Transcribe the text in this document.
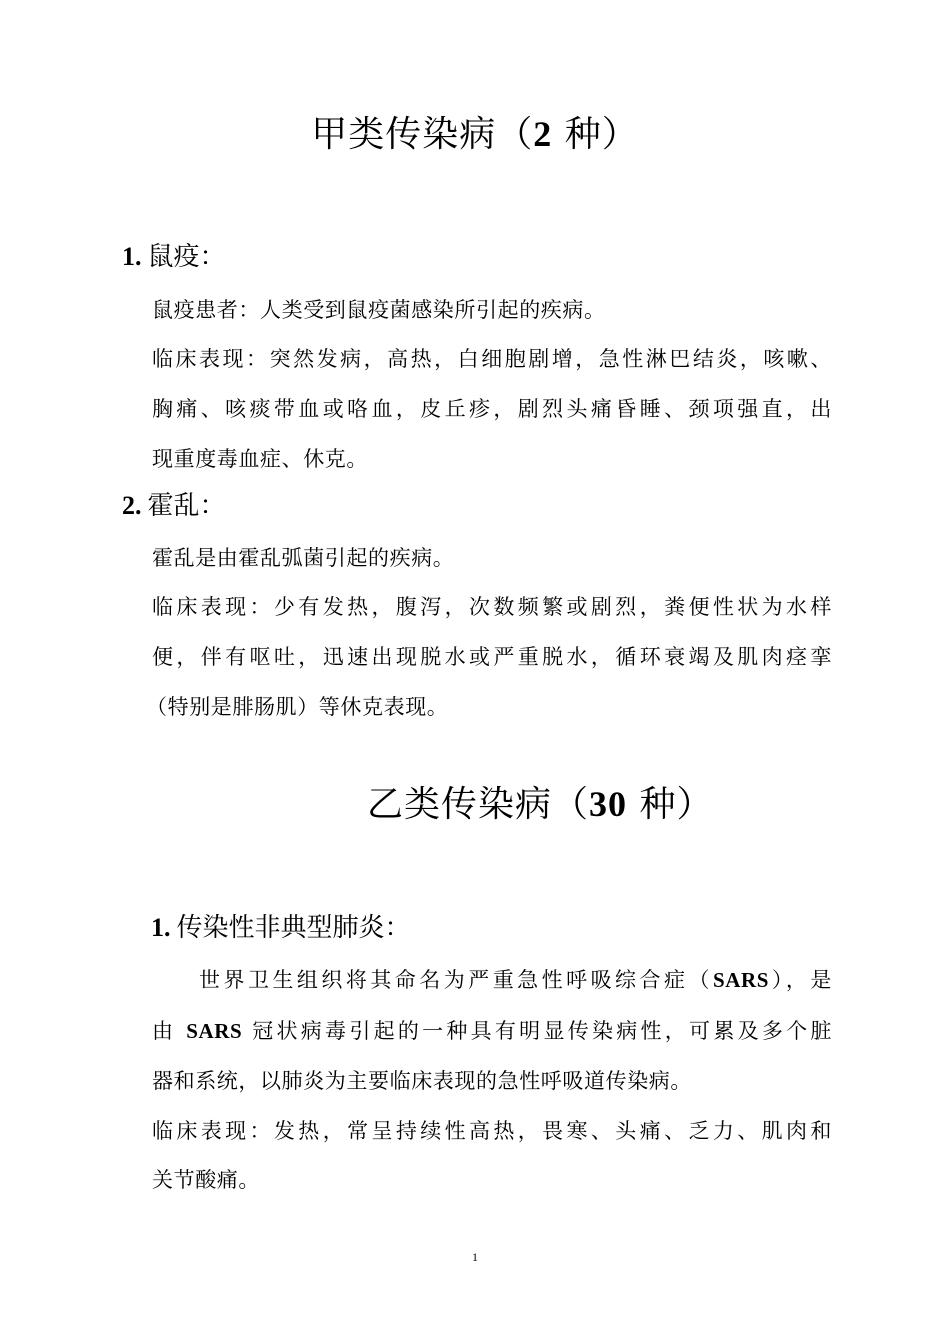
甲类传染病（2 种）
1. 鼠疫：
鼠疫患者：人类受到鼠疫菌感染所引起的疾病。
临床表现：突然发病，高热，白细胞剧增，急性淋巴结炎，咳嗽、
胸痛、咳痰带血或咯血，皮丘疹，剧烈头痛昏睡、颈项强直，出
现重度毒血症、休克。
2. 霍乱：
霍乱是由霍乱弧菌引起的疾病。
临床表现：少有发热，腹泻，次数频繁或剧烈，粪便性状为水样
便，伴有呕吐，迅速出现脱水或严重脱水，循环衰竭及肌肉痉挛
（特别是腓肠肌）等休克表现。
乙类传染病（30 种）
1. 传染性非典型肺炎：
世界卫生组织将其命名为严重急性呼吸综合症（SARS），是
由 SARS 冠状病毒引起的一种具有明显传染病性，可累及多个脏
器和系统，以肺炎为主要临床表现的急性呼吸道传染病。
临床表现：发热，常呈持续性高热，畏寒、头痛、乏力、肌肉和
关节酸痛。
1
